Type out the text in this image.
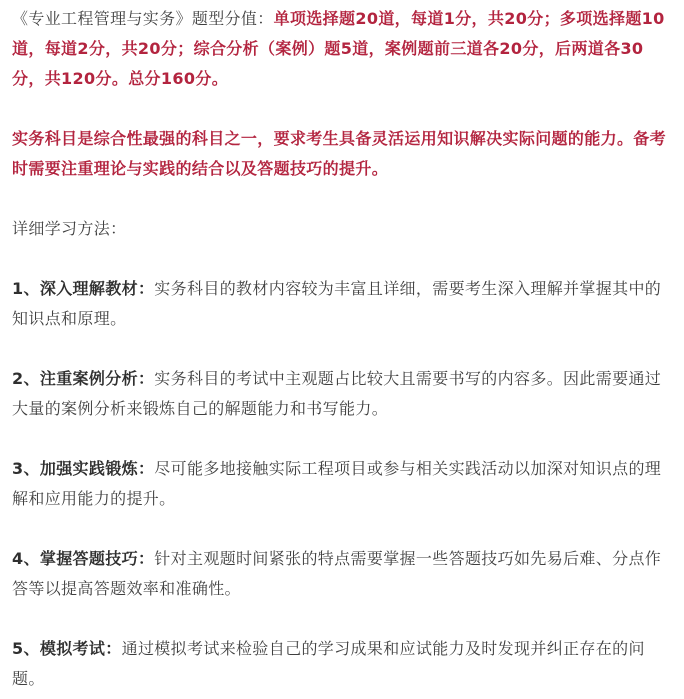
《专业工程管理与实务》题型分值：单项选择题20道，每道1分，共20分；多项选择题10道，每道2分，共20分；综合分析（案例）题5道，案例题前三道各20分，后两道各30分，共120分。总分160分。

实务科目是综合性最强的科目之一，要求考生具备灵活运用知识解决实际问题的能力。备考时需要注重理论与实践的结合以及答题技巧的提升。

详细学习方法：

1、深入理解教材：实务科目的教材内容较为丰富且详细，需要考生深入理解并掌握其中的知识点和原理。

2、注重案例分析：实务科目的考试中主观题占比较大且需要书写的内容多。因此需要通过大量的案例分析来锻炼自己的解题能力和书写能力。

3、加强实践锻炼：尽可能多地接触实际工程项目或参与相关实践活动以加深对知识点的理解和应用能力的提升。

4、掌握答题技巧：针对主观题时间紧张的特点需要掌握一些答题技巧如先易后难、分点作答等以提高答题效率和准确性。

5、模拟考试：通过模拟考试来检验自己的学习成果和应试能力及时发现并纠正存在的问题。
